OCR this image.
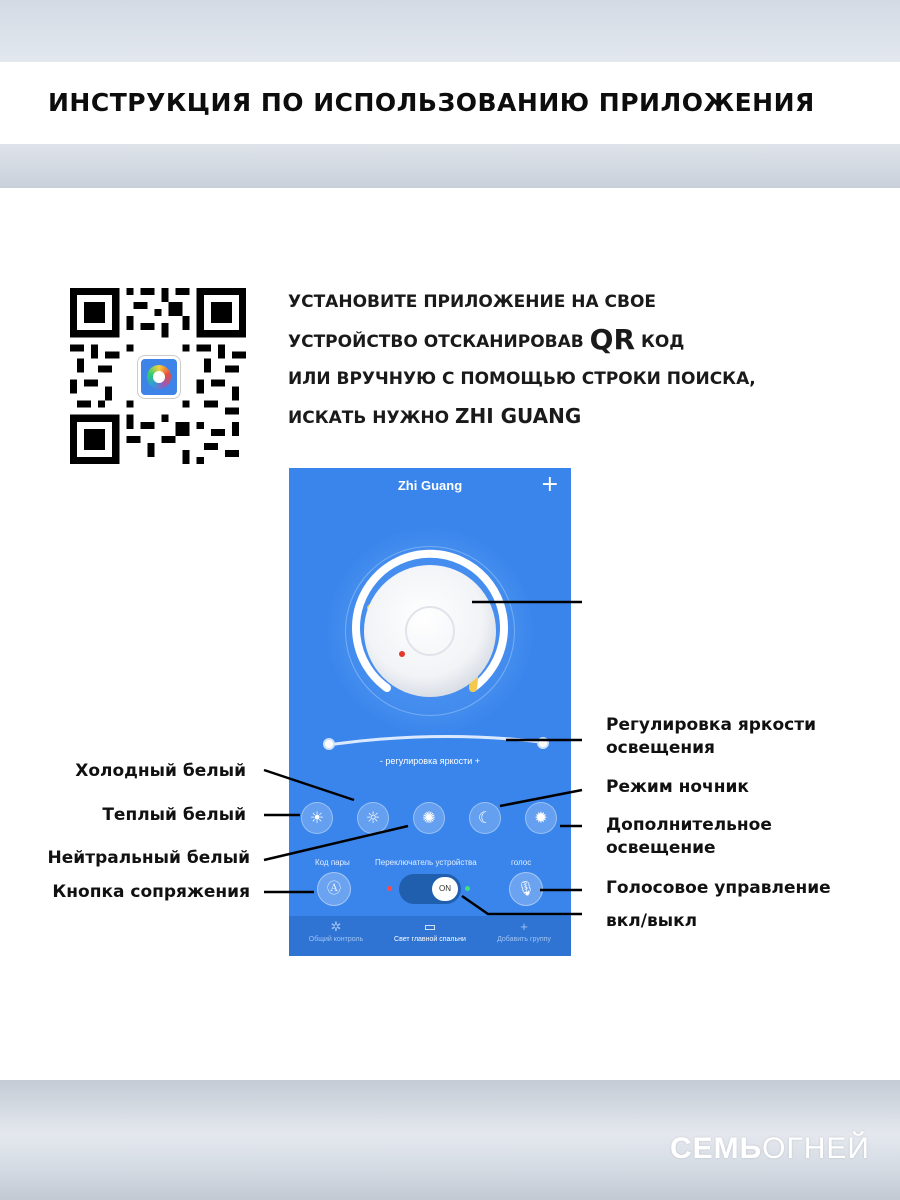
ИНСТРУКЦИЯ ПО ИСПОЛЬЗОВАНИЮ ПРИЛОЖЕНИЯ
УСТАНОВИТЕ ПРИЛОЖЕНИЕ НА СВОЕ
УСТРОЙСТВО ОТСКАНИРОВАВ QR КОД
ИЛИ ВРУЧНУЮ С ПОМОЩЬЮ СТРОКИ ПОИСКА,
ИСКАТЬ НУЖНО ZHI GUANG
Zhi Guang	+
- регулировка яркости +
☀	☼	✺	☾	✹
Код пары	Переключатель устройства	голос
Ⓐ	ON	🎙
✲
Общий контроль
▭
Свет главной спальни
+
Добавить группу
Регулировка яркости
освещения
Режим ночник
Дополнительное
освещение
Голосовое управление
вкл/выкл
Холодный белый
Теплый белый
Нейтральный белый
Кнопка сопряжения
СЕМЬОГНЕЙ
